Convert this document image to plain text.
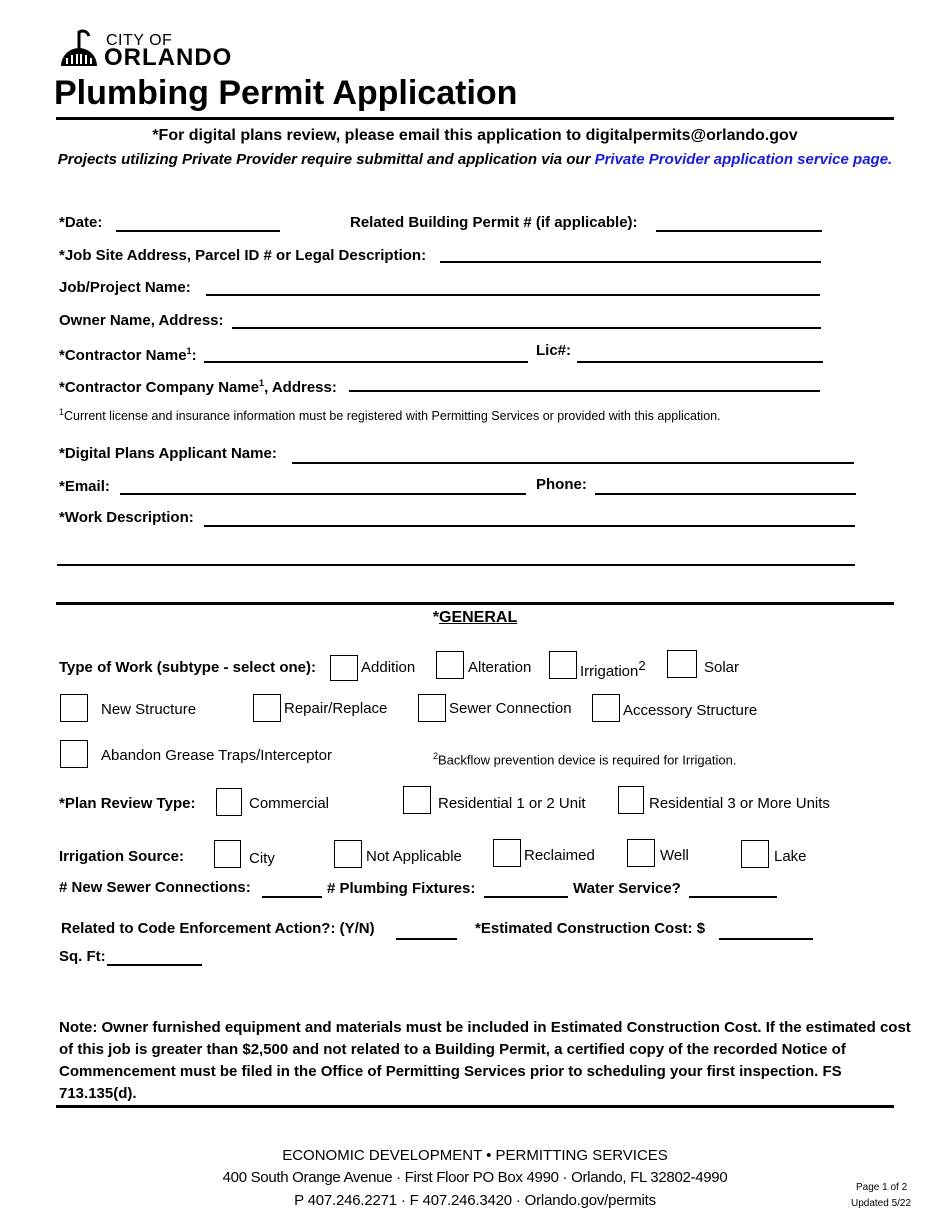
CITY OF
ORLANDO
Plumbing Permit Application
*For digital plans review, please email this application to digitalpermits@orlando.gov
Projects utilizing Private Provider require submittal and application via our Private Provider application service page.
*Date:	Related Building Permit # (if applicable):
*Job Site Address, Parcel ID # or Legal Description:
Job/Project Name:
Owner Name, Address:
*Contractor Name$^1$:	Lic#:
*Contractor Company Name$^1$, Address:
$^1$Current license and insurance information must be registered with Permitting Services or provided with this application.
*Digital Plans Applicant Name:
*Email:	Phone:
*Work Description:
*GENERAL
Type of Work (subtype - select one):	Addition	Alteration	Irrigation$^2$	Solar
New Structure	Repair/Replace	Sewer Connection	Accessory Structure
Abandon Grease Traps/Interceptor	$^2$Backflow prevention device is required for Irrigation.
*Plan Review Type:	Commercial	Residential 1 or 2 Unit	Residential 3 or More Units
Irrigation Source:	City	Not Applicable	Reclaimed	Well	Lake
# New Sewer Connections:	# Plumbing Fixtures:	Water Service?
Related to Code Enforcement Action?: (Y/N)	*Estimated Construction Cost: $
Sq. Ft:
Note: Owner furnished equipment and materials must be included in Estimated Construction Cost. If the estimated cost of this job is greater than $2,500 and not related to a Building Permit, a certified copy of the recorded Notice of Commencement must be filed in the Office of Permitting Services prior to scheduling your first inspection. FS 713.135(d).
ECONOMIC DEVELOPMENT • PERMITTING SERVICES
400 South Orange Avenue · First Floor PO Box 4990 · Orlando, FL 32802-4990
P 407.246.2271 · F 407.246.3420 · Orlando.gov/permits
Page 1 of 2
Updated 5/22
